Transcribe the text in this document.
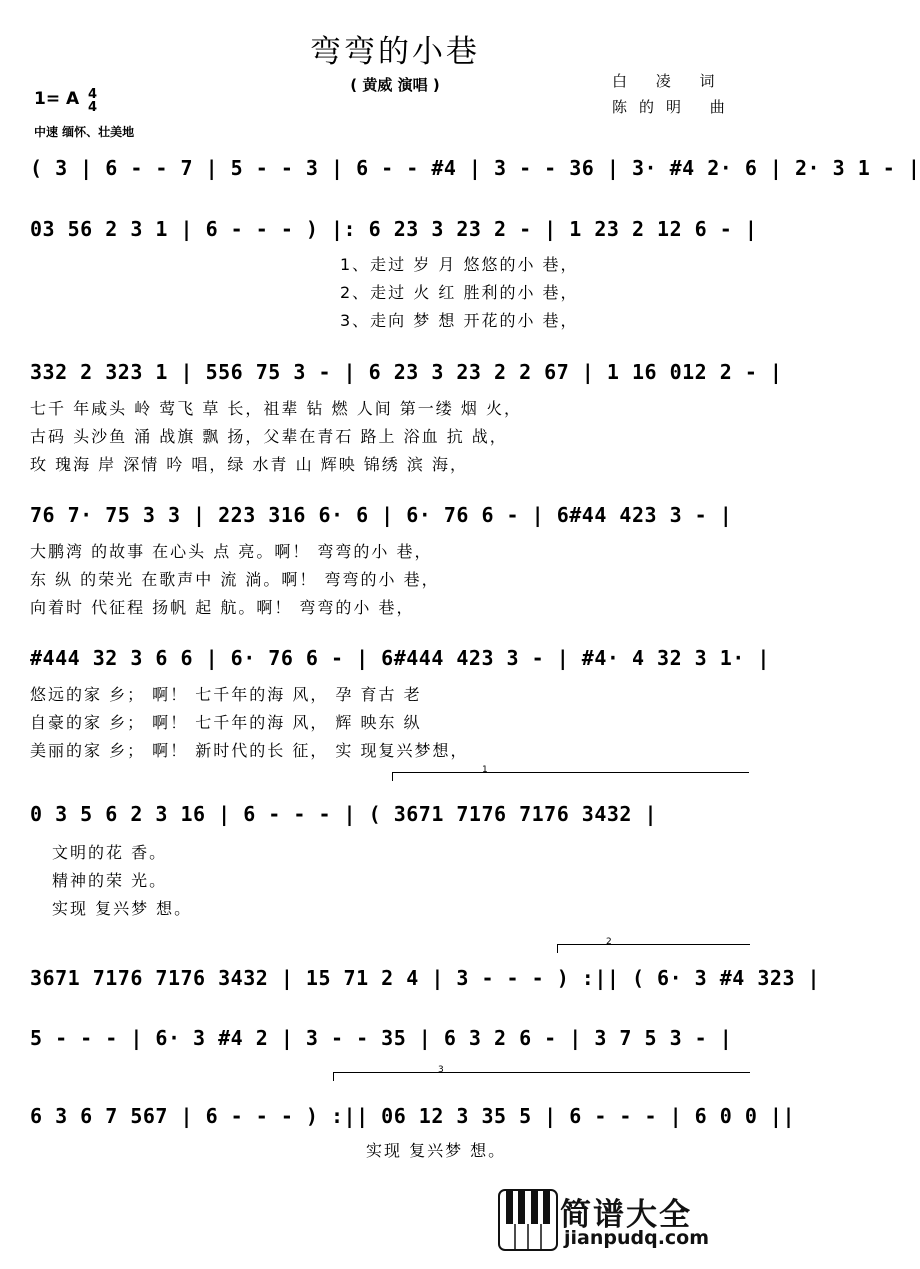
弯弯的小巷
( 黄威 演唱 )	白 凌 词
陈的明 曲
1= A 4
4
中速 缅怀、壮美地
( 3 | 6 - - 7 | 5 - - 3 | 6 - - #4 | 3 - - 36 | 3· #4 2· 6 | 2· 3 1 - |
03 56 2 3 1 | 6 - - - ) |: 6 23 3 23 2 - | 1 23 2 12 6 - |
1、走过 岁 月 悠悠的小 巷，
2、走过 火 红 胜利的小 巷，
3、走向 梦 想 开花的小 巷，
332 2 323 1 | 556 75 3 - | 6 23 3 23 2 2 67 | 1 16 012 2 - |
七千 年咸头 岭 莺飞 草 长，祖辈 钻 燃 人间 第一缕 烟 火，
古码 头沙鱼 涌 战旗 飘 扬，父辈在青石 路上 浴血 抗 战，
玫 瑰海 岸 深情 吟 唱，绿 水青 山 辉映 锦绣 滨 海，
76 7· 75 3 3 | 223 316 6· 6 | 6· 76 6 - | 6#44 423 3 - |
大鹏湾 的故事 在心头 点 亮。啊！ 弯弯的小 巷，
东 纵 的荣光 在歌声中 流 淌。啊！ 弯弯的小 巷，
向着时 代征程 扬帆 起 航。啊！ 弯弯的小 巷，
#444 32 3 6 6 | 6· 76 6 - | 6#444 423 3 - | #4· 4 32 3 1· |
悠远的家 乡； 啊！ 七千年的海 风， 孕 育古 老
自豪的家 乡； 啊！ 七千年的海 风， 辉 映东 纵
美丽的家 乡； 啊！ 新时代的长 征， 实 现复兴梦想，
1
0 3 5 6 2 3 16 | 6 - - - | ( 3671 7176 7176 3432 |
文明的花 香。
精神的荣 光。
实现 复兴梦 想。
2
3671 7176 7176 3432 | 15 71 2 4 | 3 - - - ) :|| ( 6· 3 #4 323 |
5 - - - | 6· 3 #4 2 | 3 - - 35 | 6 3 2 6 - | 3 7 5 3 - |
3
6 3 6 7 567 | 6 - - - ) :|| 06 12 3 35 5 | 6 - - - | 6 0 0 ||
实现 复兴梦 想。
简谱大全
jianpudq.com
